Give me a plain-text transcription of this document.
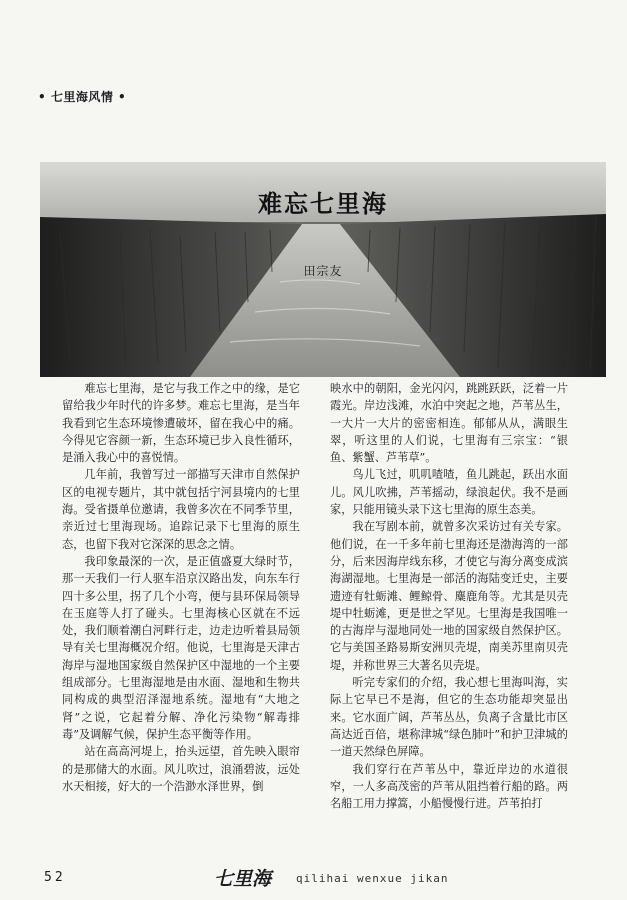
• 七里海风情 •
难忘七里海
田宗友

难忘七里海，是它与我工作之中的缘，是它留给我少年时代的许多梦。难忘七里海，是当年我看到它生态环境惨遭破坏，留在我心中的痛。今得见它容颜一新，生态环境已步入良性循环，是涌入我心中的喜悦情。

几年前，我曾写过一部描写天津市自然保护区的电视专题片，其中就包括宁河县境内的七里海。受省摄单位邀请，我曾多次在不同季节里，亲近过七里海现场。追踪记录下七里海的原生态，也留下我对它深深的思念之情。

我印象最深的一次，是正值盛夏大绿时节，那一天我们一行人驱车沿京汉路出发，向东车行四十多公里，拐了几个小弯，便与县环保局领导在玉庭等人打了碰头。七里海核心区就在不远处，我们顺着潮白河畔行走，边走边听着县局领导有关七里海概况介绍。他说，七里海是天津古海岸与湿地国家级自然保护区中湿地的一个主要组成部分。七里海湿地是由水面、湿地和生物共同构成的典型沼泽湿地系统。湿地有“大地之肾”之说，它起着分解、净化污染物“解毒排毒”及调解气候，保护生态平衡等作用。

站在高高河堤上，抬头远望，首先映入眼帘的是那储大的水面。风儿吹过，浪涌碧波，远处水天相接，好大的一个浩渺水泽世界，倒

映水中的朝阳，金光闪闪，跳跳跃跃，泛着一片霞光。岸边浅滩，水泊中突起之地，芦苇丛生，一大片一大片的密密相连。郁郁从从，满眼生翠，听这里的人们说，七里海有三宗宝：“银鱼、紫蟹、芦苇草”。

鸟儿飞过，叽叽喳喳，鱼儿跳起，跃出水面儿。风儿吹拂，芦苇摇动，绿浪起伏。我不是画家，只能用镜头录下这七里海的原生态美。

我在写剧本前，就曾多次采访过有关专家。他们说，在一千多年前七里海还是渤海湾的一部分，后来因海岸线东移，才使它与海分离变成滨海湖湿地。七里海是一部活的海陆变迁史，主要遗迹有牡蛎滩、鲤鲸骨、麋鹿角等。尤其是贝壳堤中牡蛎滩，更是世之罕见。七里海是我国唯一的古海岸与湿地同处一地的国家级自然保护区。它与美国圣路易斯安洲贝壳堤，南美苏里南贝壳堤，并称世界三大著名贝壳堤。

听完专家们的介绍，我心想七里海叫海，实际上它早已不是海，但它的生态功能却突显出来。它水面广阔，芦苇丛丛，负离子含量比市区高达近百倍，堪称津城“绿色肺叶”和护卫津城的一道天然绿色屏障。

我们穿行在芦苇丛中，靠近岸边的水道很窄，一人多高茂密的芦苇从阻挡着行船的路。两名船工用力撑篙，小船慢慢行进。芦苇拍打

52	七里海 qilihai wenxue jikan
